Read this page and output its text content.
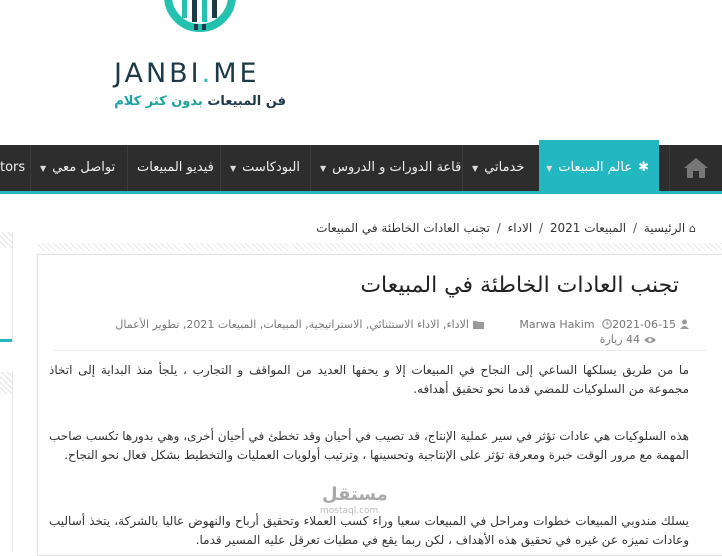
JANBI.ME
فن المبيعات بدون كثر كلام
✱عالم المبيعات▼
خدماتي▼
قاعة الدورات و الدروس▼
البودكاست▼
فيديو المبيعات
تواصل معي▼
tors
⌂ الرئيسية / المبيعات 2021 / الاداء / تجنب العادات الخاطئة في المبيعات
تجنب العادات الخاطئة في المبيعات
Marwa Hakim 2021-06-15 الاداء, الاداء الاستثنائي, الاستراتيجية, المبيعات, المبيعات 2021, تطوير الأعمال
44 زيارة
ما من طريق يسلكها الساعي إلى النجاح في المبيعات إلا و يحفها العديد من المواقف و التجارب ، يلجأ منذ البداية إلى اتخاذ مجموعة من السلوكيات للمضي قدما نحو تحقيق أهدافه.
هذه السلوكيات هي عادات تؤثر في سير عملية الإنتاج، قد تصيب في أحيان وقد تخطئ في أحيان أخرى، وهي بدورها تكسب صاحب المهمة مع مرور الوقت خبرة ومعرفة تؤثر على الإنتاجية وتحسينها ، وترتيب أولويات العمليات والتخطيط بشكل فعال نحو النجاح.
يسلك مندوبي المبيعات خطوات ومراحل في المبيعات سعيا وراء كسب العملاء وتحقيق أرباح والنهوض عاليا بالشركة، يتخذ أساليب وعادات تميزه عن غيره في تحقيق هذه الأهداف ، لكن ربما يقع في مطبات تعرقل عليه المسير قدما.
مستقل
mostaql.com
